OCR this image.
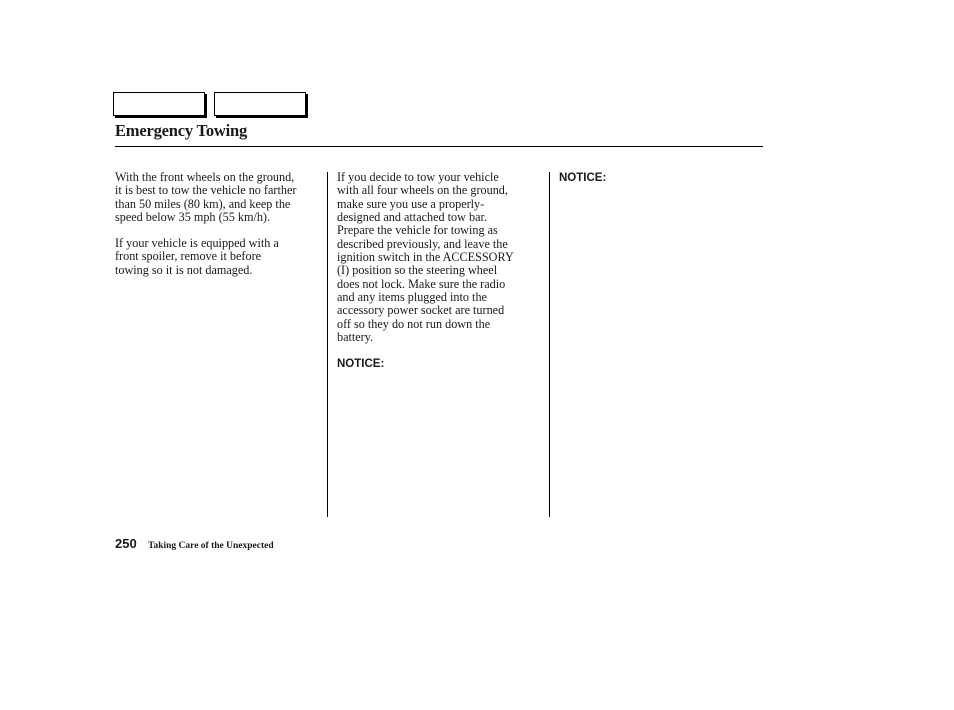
Emergency Towing

With the front wheels on the ground,
it is best to tow the vehicle no farther
than 50 miles (80 km), and keep the
speed below 35 mph (55 km/h).

If your vehicle is equipped with a
front spoiler, remove it before
towing so it is not damaged.

If you decide to tow your vehicle
with all four wheels on the ground,
make sure you use a properly-
designed and attached tow bar.
Prepare the vehicle for towing as
described previously, and leave the
ignition switch in the ACCESSORY
(I) position so the steering wheel
does not lock. Make sure the radio
and any items plugged into the
accessory power socket are turned
off so they do not run down the
battery.

NOTICE:

NOTICE:

250 Taking Care of the Unexpected
